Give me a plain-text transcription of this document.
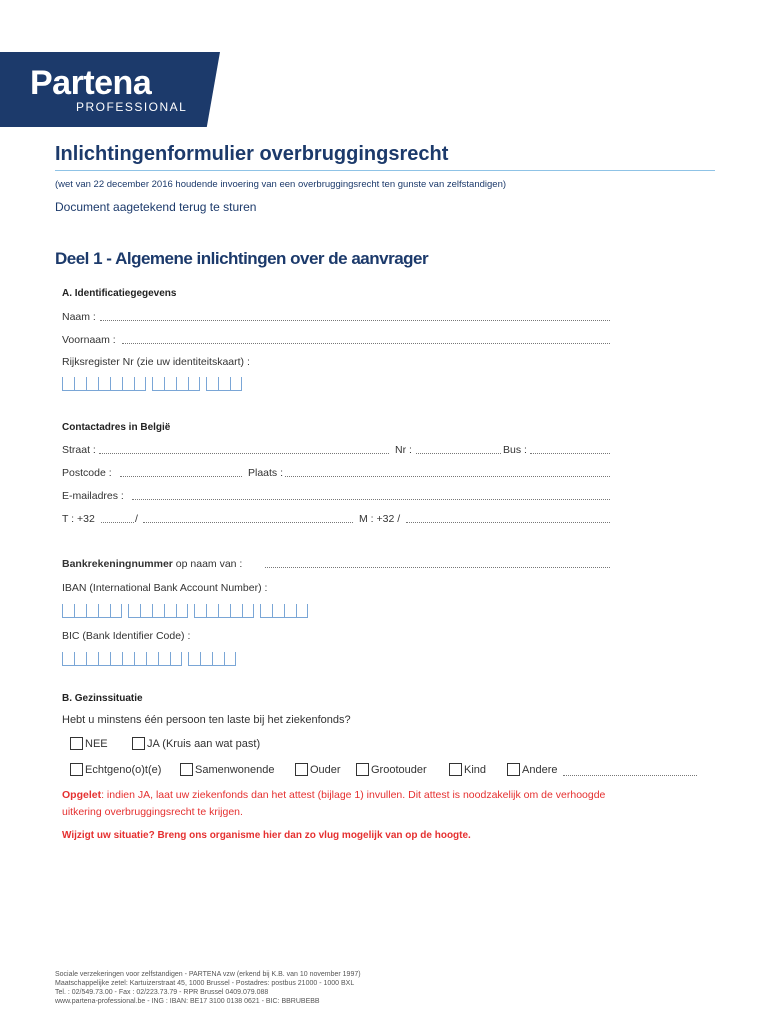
Partena
PROFESSIONAL
Inlichtingenformulier overbruggingsrecht
(wet van 22 december 2016 houdende invoering van een overbruggingsrecht ten gunste van zelfstandigen)
Document aagetekend terug te sturen
Deel 1 - Algemene inlichtingen over de aanvrager
A. Identificatiegegevens
Naam :
Voornaam :
Rijksregister Nr (zie uw identiteitskaart) :
Contactadres in België
Straat :	Nr :	Bus :
Postcode :	Plaats :
E-mailadres :
T : +32	/	M : +32 /
Bankrekeningnummer op naam van :
IBAN (International Bank Account Number) :
BIC (Bank Identifier Code) :
B. Gezinssituatie
Hebt u minstens één persoon ten laste bij het ziekenfonds?
NEE	JA (Kruis aan wat past)
Echtgeno(o)t(e)	Samenwonende	Ouder	Grootouder	Kind	Andere
Opgelet: indien JA, laat uw ziekenfonds dan het attest (bijlage 1) invullen. Dit attest is noodzakelijk om de verhoogde
uitkering overbruggingsrecht te krijgen.
Wijzigt uw situatie? Breng ons organisme hier dan zo vlug mogelijk van op de hoogte.
Sociale verzekeringen voor zelfstandigen - PARTENA vzw (erkend bij K.B. van 10 november 1997)
Maatschappelijke zetel: Kartuizerstraat 45, 1000 Brussel - Postadres: postbus 21000 - 1000 BXL
Tel. : 02/549.73.00 - Fax : 02/223.73.79 - RPR Brussel 0409.079.088
www.partena-professional.be - ING : IBAN: BE17 3100 0138 0621 - BIC: BBRUBEBB
